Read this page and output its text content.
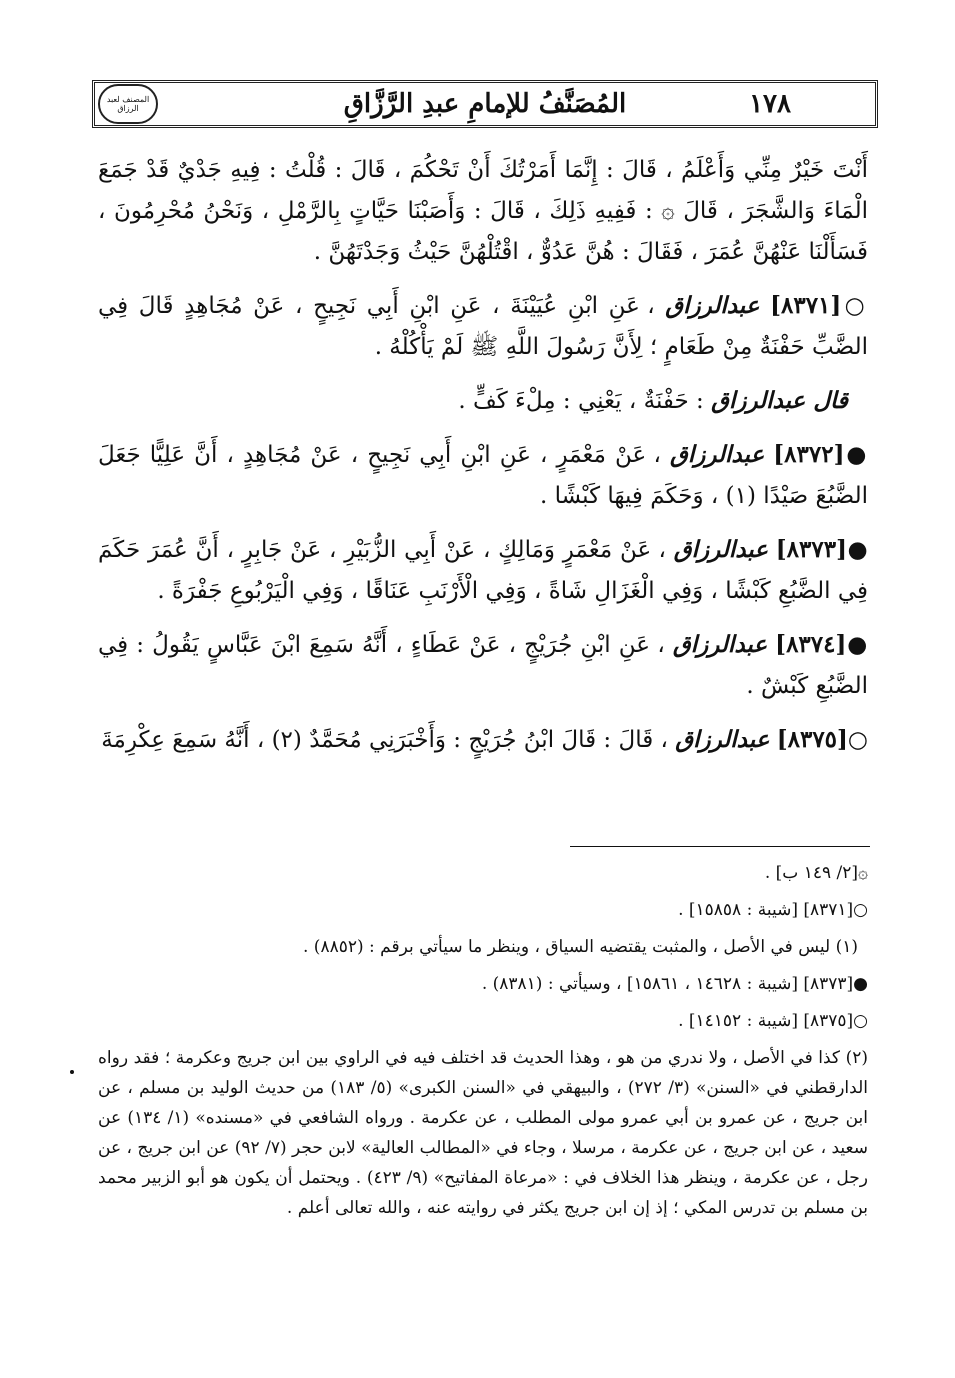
المُصَنَّفُ للإمامِ عبدِ الرَّزَّاقِ
المصنف لعبد الرزاق	١٧٨

أَنْتَ خَيْرٌ مِنِّي وَأَعْلَمُ ، قَالَ : إِنَّمَا أَمَرْتُكَ أَنْ تَحْكُمَ ، قَالَ : قُلْتُ : فِيهِ جَدْيٌ قَدْ جَمَعَ الْمَاءَ وَالشَّجَرَ ، قَالَ ۞ : فَفِيهِ ذَلِكَ ، قَالَ : وَأَصَبْنَا حَيَّاتٍ بِالرَّمْلِ ، وَنَحْنُ مُحْرِمُونَ ، فَسَأَلْنَا عَنْهُنَّ عُمَرَ ، فَقَالَ : هُنَّ عَدُوٌّ ، اقْتُلْهُنَّ حَيْثُ وَجَدْتَهُنَّ .

○[٨٣٧١] عبدالرزاق ، عَنِ ابْنِ عُيَيْنَةَ ، عَنِ ابْنِ أَبِي نَجِيحٍ ، عَنْ مُجَاهِدٍ قَالَ فِي الضَّبِّ حَفْنَةٌ مِنْ طَعَامٍ ؛ لِأَنَّ رَسُولَ اللَّهِ ﷺ لَمْ يَأْكُلْهُ .

قال عبدالرزاق : حَفْنَةٌ ، يَعْنِي : مِلْءَ كَفٍّ .

●[٨٣٧٢] عبدالرزاق ، عَنْ مَعْمَرٍ ، عَنِ ابْنِ أَبِي نَجِيحٍ ، عَنْ مُجَاهِدٍ ، أَنَّ عَلِيًّا جَعَلَ الضَّبُعَ صَيْدًا (١) ، وَحَكَمَ فِيهَا كَبْشًا .

●[٨٣٧٣] عبدالرزاق ، عَنْ مَعْمَرٍ وَمَالِكٍ ، عَنْ أَبِي الزُّبَيْرِ ، عَنْ جَابِرٍ ، أَنَّ عُمَرَ حَكَمَ فِي الضَّبُعِ كَبْشًا ، وَفِي الْغَزَالِ شَاةً ، وَفِي الْأَرْنَبِ عَنَاقًا ، وَفِي الْيَرْبُوعِ جَفْرَةً .

●[٨٣٧٤] عبدالرزاق ، عَنِ ابْنِ جُرَيْجٍ ، عَنْ عَطَاءٍ ، أَنَّهُ سَمِعَ ابْنَ عَبَّاسٍ يَقُولُ : فِي الضَّبُعِ كَبْشٌ .

○[٨٣٧٥] عبدالرزاق ، قَالَ : قَالَ ابْنُ جُرَيْجٍ : وَأَخْبَرَنِي مُحَمَّدٌ (٢) ، أَنَّهُ سَمِعَ عِكْرِمَةَ

۞[٢/ ١٤٩ ب] .

○[٨٣٧١] [شيبة : ١٥٨٥٨] .

(١) ليس في الأصل ، والمثبت يقتضيه السياق ، وينظر ما سيأتي برقم : (٨٨٥٢) .

●[٨٣٧٣] [شيبة : ١٤٦٢٨ ، ١٥٨٦١] ، وسيأتي : (٨٣٨١) .

○[٨٣٧٥] [شيبة : ١٤١٥٢] .

(٢) كذا في الأصل ، ولا ندري من هو ، وهذا الحديث قد اختلف فيه في الراوي بين ابن جريج وعكرمة ؛ فقد رواه الدارقطني في «السنن» (٣/ ٢٧٢) ، والبيهقي في «السنن الكبرى» (٥/ ١٨٣) من حديث الوليد بن مسلم ، عن ابن جريج ، عن عمرو بن أبي عمرو مولى المطلب ، عن عكرمة . ورواه الشافعي في «مسنده» (١/ ١٣٤) عن سعيد ، عن ابن جريج ، عن عكرمة ، مرسلا ، وجاء في «المطالب العالية» لابن حجر (٧/ ٩٢) عن ابن جريج ، عن رجل ، عن عكرمة ، وينظر هذا الخلاف في : «مرعاة المفاتيح» (٩/ ٤٢٣) . ويحتمل أن يكون هو أبو الزبير محمد بن مسلم بن تدرس المكي ؛ إذ إن ابن جريج يكثر في روايته عنه ، والله تعالى أعلم .
